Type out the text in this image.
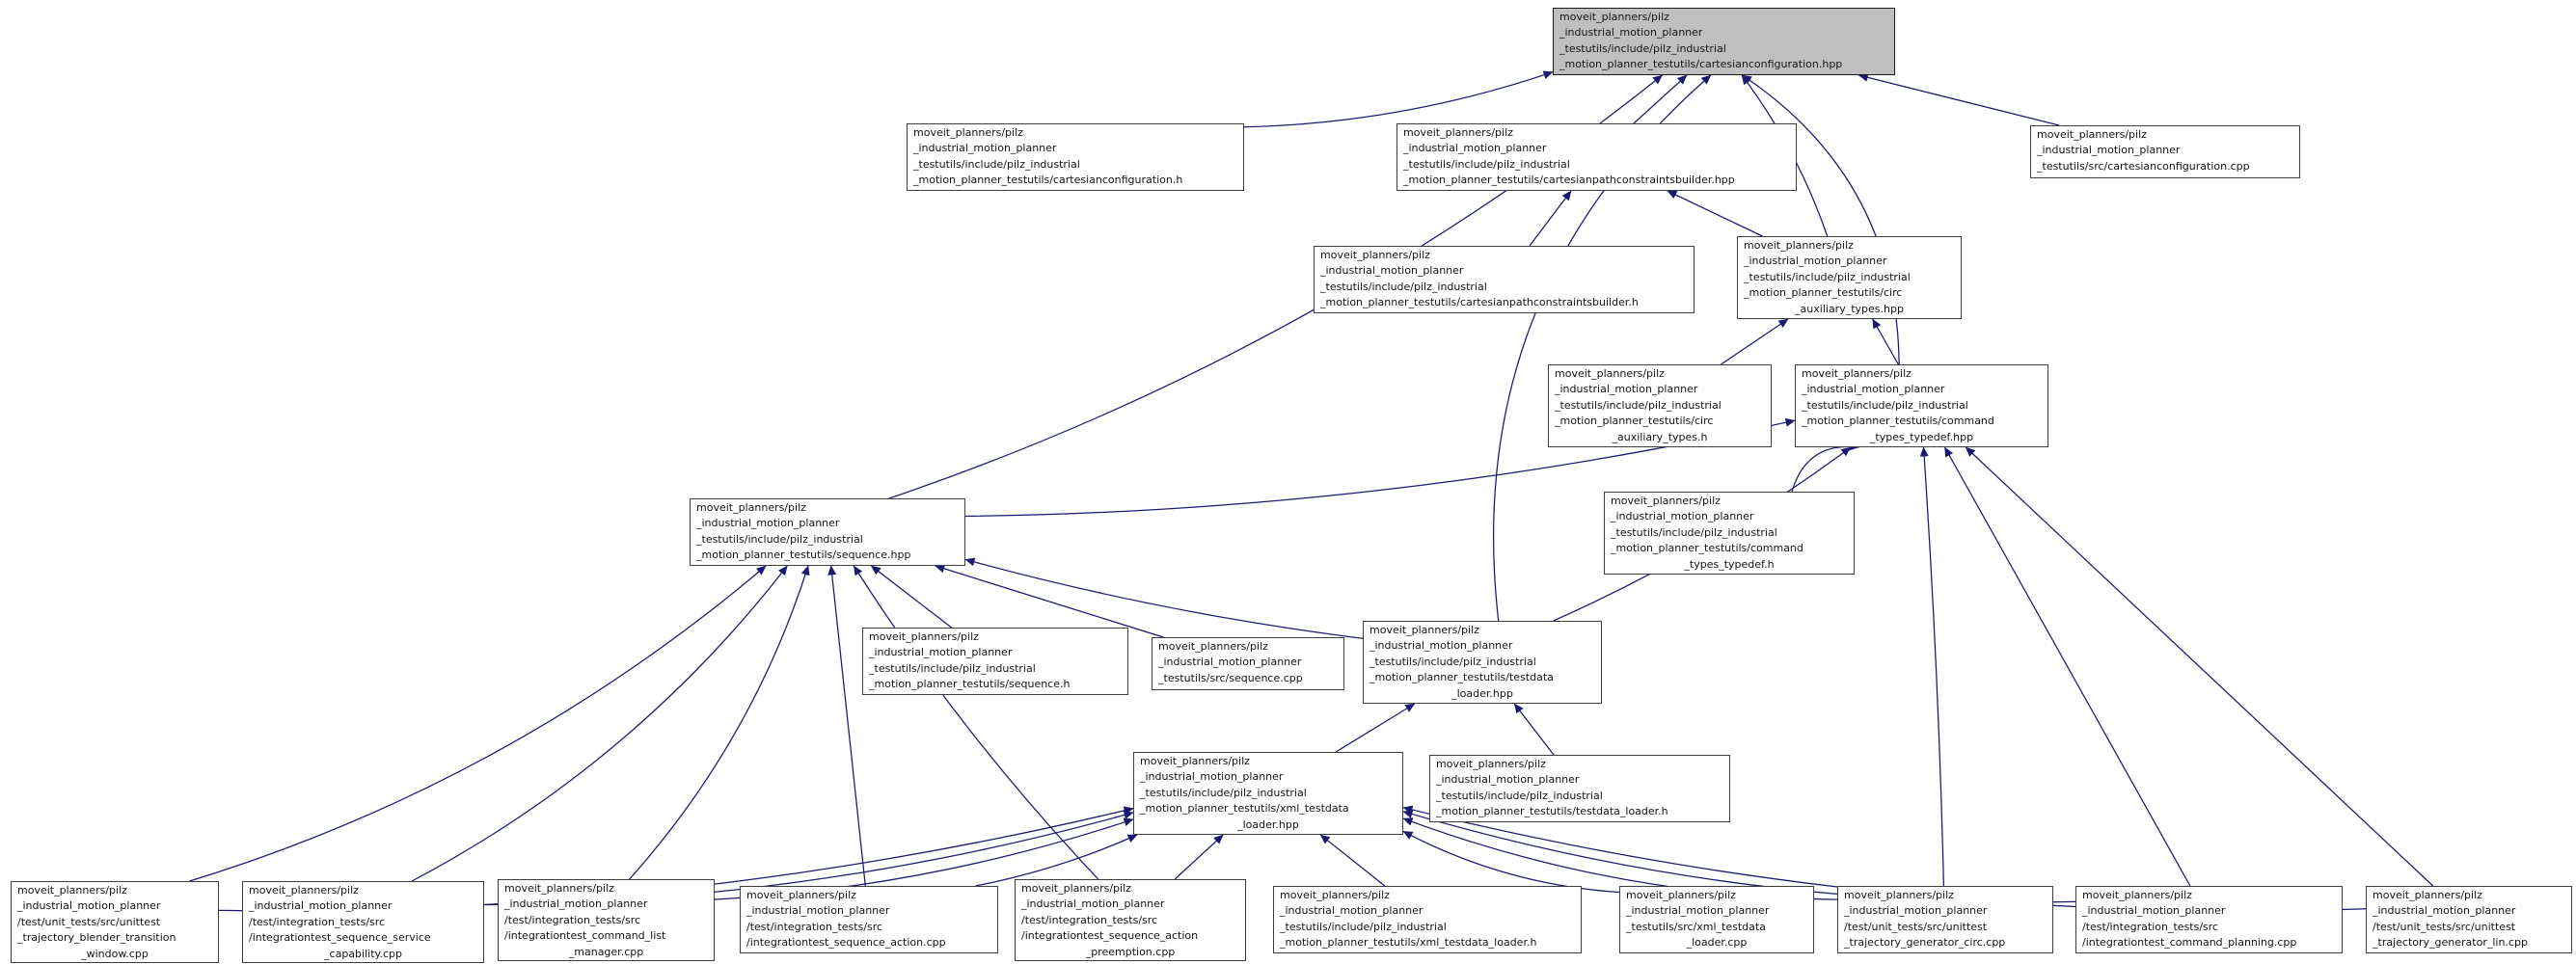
moveit_planners/pilz
_industrial_motion_planner
_testutils/include/pilz_industrial
_motion_planner_testutils/cartesianconfiguration.hpp
moveit_planners/pilz
_industrial_motion_planner
_testutils/include/pilz_industrial
_motion_planner_testutils/cartesianconfiguration.h
moveit_planners/pilz
_industrial_motion_planner
_testutils/include/pilz_industrial
_motion_planner_testutils/cartesianpathconstraintsbuilder.hpp
moveit_planners/pilz
_industrial_motion_planner
_testutils/src/cartesianconfiguration.cpp
moveit_planners/pilz
_industrial_motion_planner
_testutils/include/pilz_industrial
_motion_planner_testutils/cartesianpathconstraintsbuilder.h
moveit_planners/pilz
_industrial_motion_planner
_testutils/include/pilz_industrial
_motion_planner_testutils/circ
_auxiliary_types.hpp
moveit_planners/pilz
_industrial_motion_planner
_testutils/include/pilz_industrial
_motion_planner_testutils/circ
_auxiliary_types.h
moveit_planners/pilz
_industrial_motion_planner
_testutils/include/pilz_industrial
_motion_planner_testutils/command
_types_typedef.hpp
moveit_planners/pilz
_industrial_motion_planner
_testutils/include/pilz_industrial
_motion_planner_testutils/command
_types_typedef.h
moveit_planners/pilz
_industrial_motion_planner
_testutils/include/pilz_industrial
_motion_planner_testutils/sequence.hpp
moveit_planners/pilz
_industrial_motion_planner
_testutils/include/pilz_industrial
_motion_planner_testutils/sequence.h
moveit_planners/pilz
_industrial_motion_planner
_testutils/src/sequence.cpp
moveit_planners/pilz
_industrial_motion_planner
_testutils/include/pilz_industrial
_motion_planner_testutils/testdata
_loader.hpp
moveit_planners/pilz
_industrial_motion_planner
_testutils/include/pilz_industrial
_motion_planner_testutils/xml_testdata
_loader.hpp
moveit_planners/pilz
_industrial_motion_planner
_testutils/include/pilz_industrial
_motion_planner_testutils/testdata_loader.h
moveit_planners/pilz
_industrial_motion_planner
/test/unit_tests/src/unittest
_trajectory_blender_transition
_window.cpp
moveit_planners/pilz
_industrial_motion_planner
/test/integration_tests/src
/integrationtest_sequence_service
_capability.cpp
moveit_planners/pilz
_industrial_motion_planner
/test/integration_tests/src
/integrationtest_command_list
_manager.cpp
moveit_planners/pilz
_industrial_motion_planner
/test/integration_tests/src
/integrationtest_sequence_action.cpp
moveit_planners/pilz
_industrial_motion_planner
/test/integration_tests/src
/integrationtest_sequence_action
_preemption.cpp
moveit_planners/pilz
_industrial_motion_planner
_testutils/include/pilz_industrial
_motion_planner_testutils/xml_testdata_loader.h
moveit_planners/pilz
_industrial_motion_planner
_testutils/src/xml_testdata
_loader.cpp
moveit_planners/pilz
_industrial_motion_planner
/test/unit_tests/src/unittest
_trajectory_generator_circ.cpp
moveit_planners/pilz
_industrial_motion_planner
/test/integration_tests/src
/integrationtest_command_planning.cpp
moveit_planners/pilz
_industrial_motion_planner
/test/unit_tests/src/unittest
_trajectory_generator_lin.cpp
